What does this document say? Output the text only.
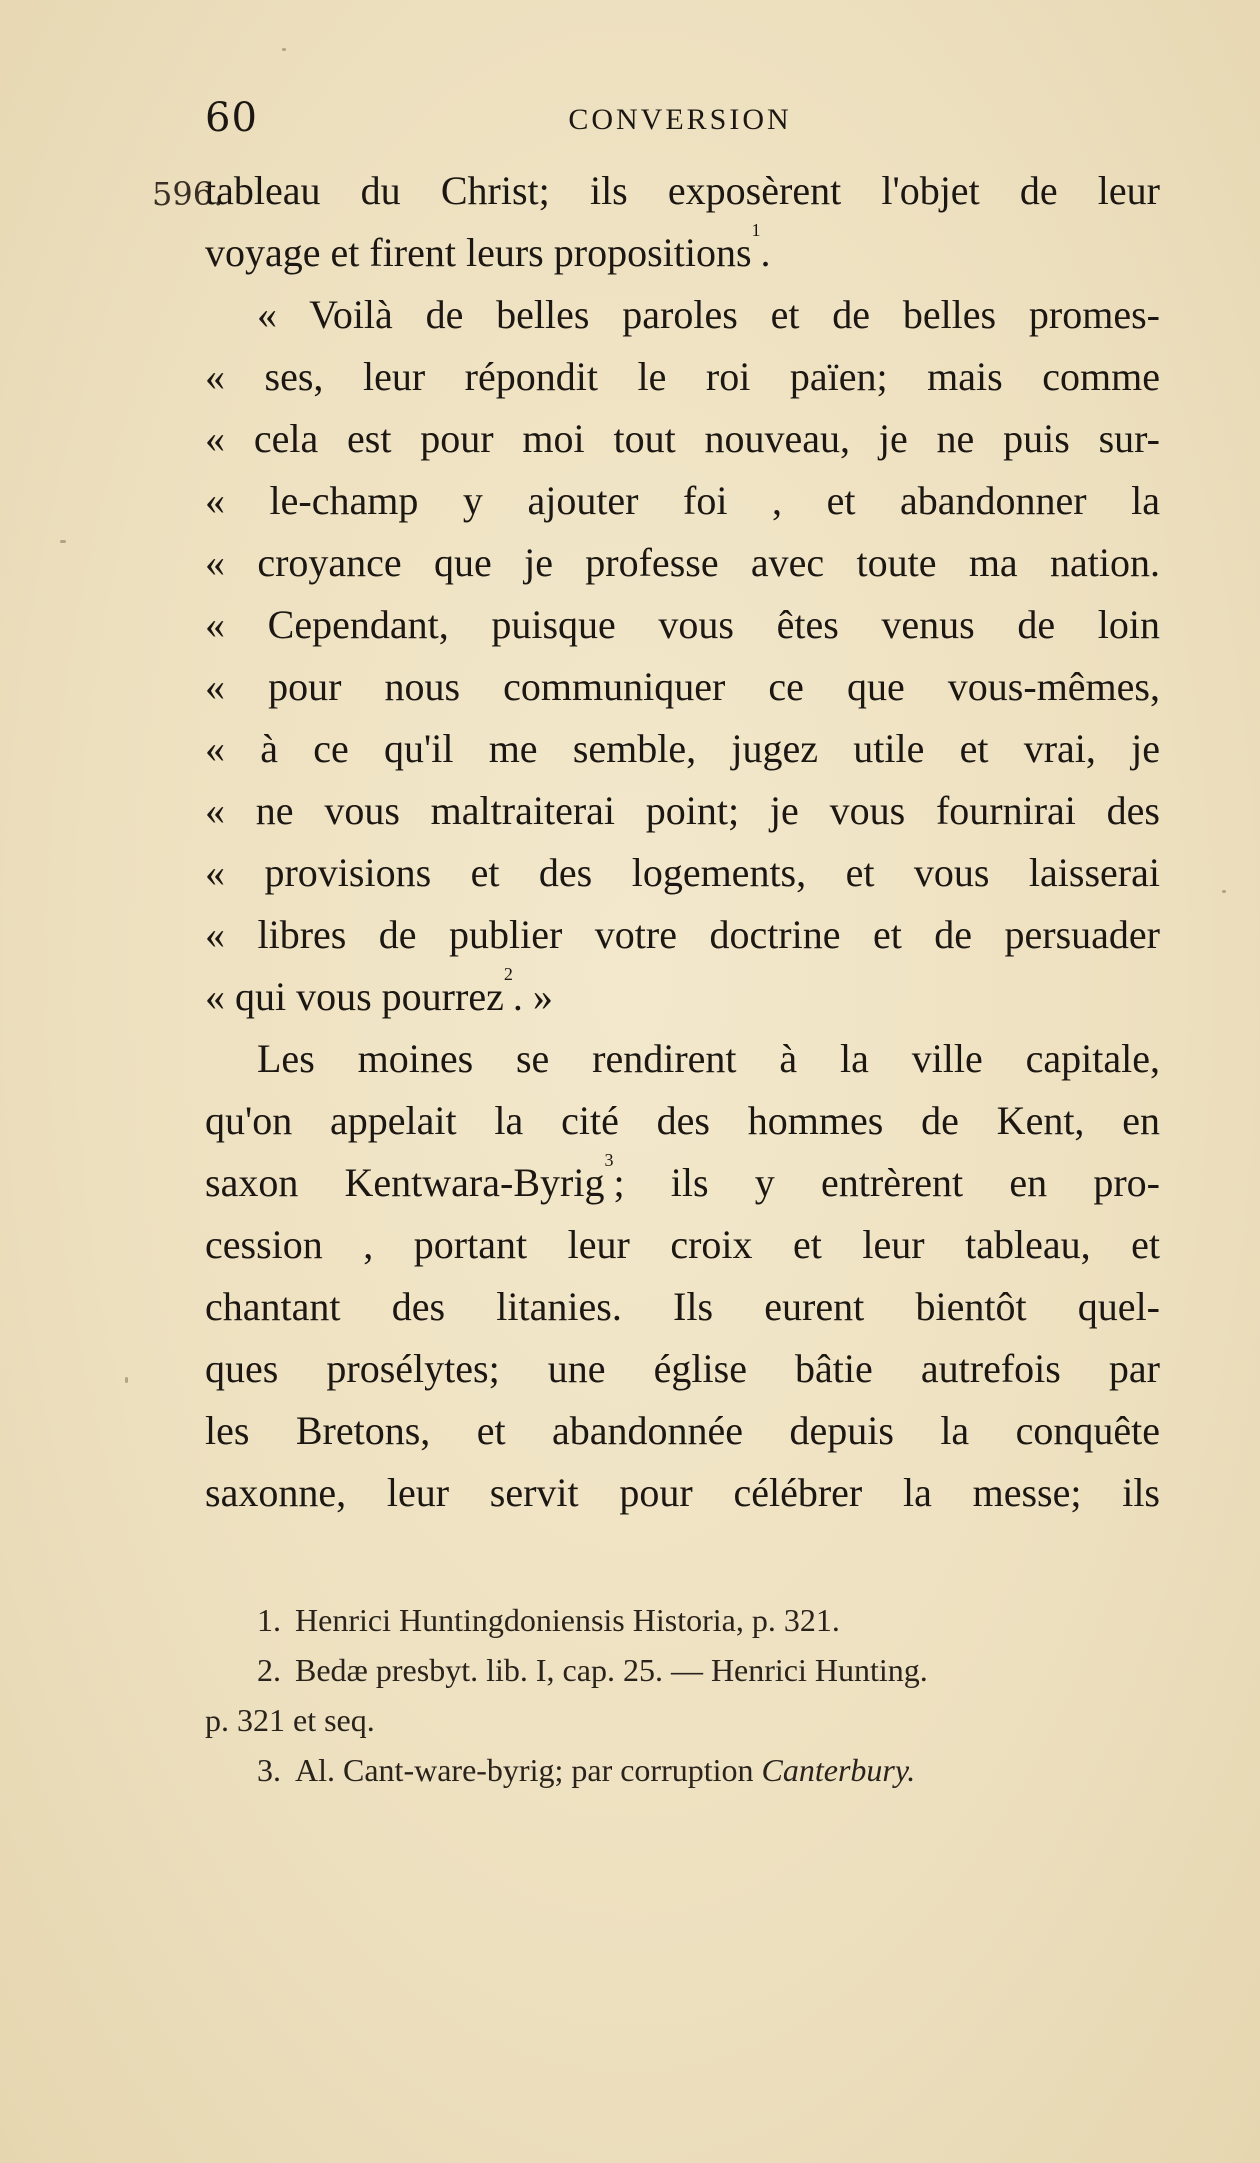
60	CONVERSION
596.
tableau du Christ; ils exposèrent l'objet de leur
voyage et firent leurs propositions$^1$.
« Voilà de belles paroles et de belles promes-
« ses, leur répondit le roi païen; mais comme
« cela est pour moi tout nouveau, je ne puis sur-
« le-champ y ajouter foi , et abandonner la
« croyance que je professe avec toute ma nation.
« Cependant, puisque vous êtes venus de loin
« pour nous communiquer ce que vous-mêmes,
« à ce qu'il me semble, jugez utile et vrai, je
« ne vous maltraiterai point; je vous fournirai des
« provisions et des logements, et vous laisserai
« libres de publier votre doctrine et de persuader
« qui vous pourrez$^2$. »
Les moines se rendirent à la ville capitale,
qu'on appelait la cité des hommes de Kent, en
saxon Kentwara-Byrig$^3$; ils y entrèrent en pro-
cession , portant leur croix et leur tableau, et
chantant des litanies. Ils eurent bientôt quel-
ques prosélytes; une église bâtie autrefois par
les Bretons, et abandonnée depuis la conquête
saxonne, leur servit pour célébrer la messe; ils
1. Henrici Huntingdoniensis Historia, p. 321.
2. Bedæ presbyt. lib. I, cap. 25. — Henrici Hunting.
p. 321 et seq.
3. Al. Cant-ware-byrig; par corruption Canterbury.
